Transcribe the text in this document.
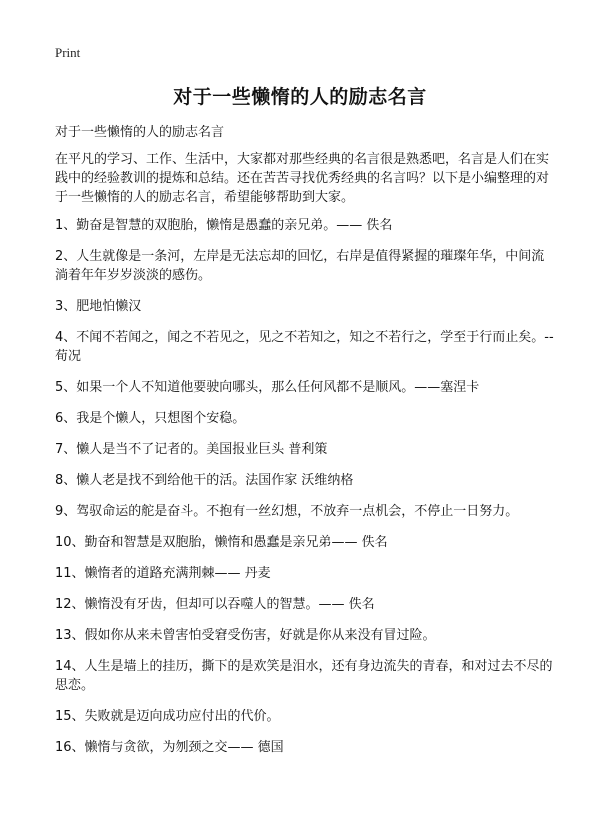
Print
对于一些懒惰的人的励志名言
对于一些懒惰的人的励志名言
在平凡的学习、工作、生活中，大家都对那些经典的名言很是熟悉吧，名言是人们在实践中的经验教训的提炼和总结。还在苦苦寻找优秀经典的名言吗？以下是小编整理的对于一些懒惰的人的励志名言，希望能够帮助到大家。
1、勤奋是智慧的双胞胎，懒惰是愚蠢的亲兄弟。—— 佚名
2、人生就像是一条河，左岸是无法忘却的回忆，右岸是值得紧握的璀璨年华，中间流淌着年年岁岁淡淡的感伤。
3、肥地怕懒汉
4、不闻不若闻之，闻之不若见之，见之不若知之，知之不若行之，学至于行而止矣。--荀况
5、如果一个人不知道他要驶向哪头，那么任何风都不是顺风。——塞涅卡
6、我是个懒人，只想图个安稳。
7、懒人是当不了记者的。美国报业巨头 普利策
8、懒人老是找不到给他干的活。法国作家 沃维纳格
9、驾驭命运的舵是奋斗。不抱有一丝幻想，不放弃一点机会，不停止一日努力。
10、勤奋和智慧是双胞胎，懒惰和愚蠢是亲兄弟—— 佚名
11、懒惰者的道路充满荆棘—— 丹麦
12、懒惰没有牙齿，但却可以吞噬人的智慧。—— 佚名
13、假如你从来未曾害怕受窘受伤害，好就是你从来没有冒过险。
14、人生是墙上的挂历，撕下的是欢笑是泪水，还有身边流失的青春，和对过去不尽的思恋。
15、失败就是迈向成功应付出的代价。
16、懒惰与贪欲，为刎颈之交—— 德国
